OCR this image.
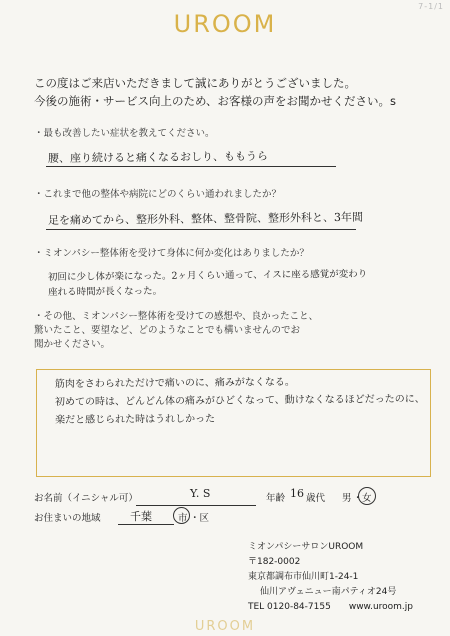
7-1/1
UROOM
この度はご来店いただきまして誠にありがとうございました。
今後の施術・サービス向上のため、お客様の声をお聞かせください。s
・最も改善したい症状を教えてください。
腰、座り続けると痛くなるおしり、ももうら
・これまで他の整体や病院にどのくらい通われましたか？
足を痛めてから、整形外科、整体、整骨院、整形外科と、3年間
・ミオンパシー整体術を受けて身体に何か変化はありましたか？
初回に少し体が楽になった。2ヶ月くらい通って、イスに座る感覚が変わり
座れる時間が長くなった。
・その他、ミオンパシー整体術を受けての感想や、良かったこと、
驚いたこと、要望など、どのようなことでも構いませんのでお
聞かせください。
筋肉をさわられただけで痛いのに、痛みがなくなる。
初めての時は、どんどん体の痛みがひどくなって、動けなくなるほどだったのに、
楽だと感じられた時はうれしかった
お名前（イニシャル可）	Y. S	年齢 16 歳代 男 ・ 女
お住まいの地域	千葉	市 ・区
ミオンパシーサロンUROOM
〒182-0002
東京都調布市仙川町1-24-1
仙川アヴェニュー南パティオ24号
TEL 0120-84-7155 www.uroom.jp
UROOM
